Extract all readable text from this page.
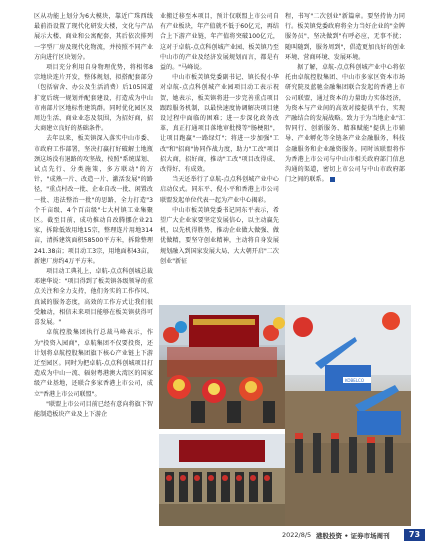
区从功能上划分为6大模块，靠近广珠西线最前沿设置了现代化研发大楼，文化与产品展示大楼、商业和公寓配套，其后依次排列一字型厂房及现代化物流，并按照不同产业方向进行区块划分。

项目充分利用自身物理优势，将相邻8宗地块连片开发，整体规划，拟搭配套部分（包括宿舍、办公及生活消费）后105国道扩宽后统一规划并配套建设，打造成为中山市南部片区地标性建筑群。同时优化园区及周边生活、商业业态及氛围，为招好商，招大商建立良好的基础条件。

去年以来，板芙镇深入落实中山市委、市政府工作部署，坚决打赢打好破解土地瓶颈这场没有退路的攻坚战，按照"系统谋划、试点先行、分类施策，多方联动"的方针，"成熟一片、改造一片、激活发展"的路径，"重点村改一批、企业自改一批、闲置改一批、违法整治一批"的思路，全力打造"3个千亩级、4个百亩级"七大村镇工业集聚区。截至目前，成功推动自改腾挪企业21家，拆除低效用地15宗，整理连片用地314亩，清拆建筑面积58500平方米，拆除整理241.38亩；项目动工3宗，用地面积43亩，新建厂房约4万平方米。

项目动工典礼上，卓航-点点科创城总裁邓建华说："项目得到了板芙镇各级领导的重点关注和全力支持，他们务实的工作作风、真诚的服务态度，高效的工作方式让我们很受触动，相信未来项目能够在板芙镇获得可喜发展。"

卓航控股集团执行总裁马峰表示，作为"投资入园商"，卓航集团不仅要投资，还计划将卓航控股集团旗下核心产业链上下游迁至园区。同时为把卓航-点点科创城项目打造成为中山一流、辐射粤港澳大湾区的国家级产业基地，还联合多家香港上市公司，成立"香港上市公司联盟"。

"联盟上市公司目前已经有意向将旗下智能制造板块产业及上下游企

业搬迁移至本项目，预计仅联盟上市公司自有产业板块，年产值就不低于60亿元，再结合上下游产业链，年产值将突破100亿元，这对于卓航-点点科创城产业园、板芙镇乃至中山市的产业及经济发展规划而言，都是有益的。"马峰说。

中山市板芙镇党委副书记、镇长倪小华对卓航-点点科创城产业园项目动工表示祝贺，她表示，板芙镇将进一步完善重点项目跟踪服务机制，以最快速度协调解决项目建设过程中面临的困难；进一步深化政务改革，真正打通项目落地审批搜等"肠梗阻"，让项目跑赢"一路绿灯"；将进一步加强"工改"和"招商"协同作战力度，助力"工改"项目招大商，招好商，推动"工改"项目改得成、改得好、有成效。

当天还举行了卓航-点点科创城产业中心启动仪式。同东平、倪小平和香港上市公司联盟发起单位代表一起为产业中心揭彩。

中山市板芙镇党委书记同东平表示，希望广大企业家要坚定发展信心，以主动赢先机，以先机得胜势，推动企业做大做强、做优做精，要坚守创业精神，主动将自身发展规划融入到国家发展大局、大大朝开启"二次创业"新征

程，书写"二次创业"新篇章。要坚持协力同行。板芙镇党委政府将全力当好企业的"金牌服务员"，坚决做到"有呼必应，无事不扰；随叫随到，服务周到"，倡造更加良好的创业环境、营商环境、发展环境。

据了解，卓航-点点科创城产业中心将依托由卓航控股集团、中山市多家区资本市场研究院及蓝驰金融集团联合发起的香港上市公司联盟，通过资本的力量助力实体经济，为资本与产业间的高效对接提供平台，实现产融结合的发展战略。致力于为当地企业"汇智同行、创新服务、精准赋能"提供上市辅导、产业孵化等全链条产业金融服务，科技金融服务和企业融资服务。同时该联盟将作为香港上市公司与中山市相关政府部门信息沟通的渠道，密切上市公司与中山市政府部门之间的联系。

KOBELCO
2022/8/5 港股投资 • 证券市场周刊	73
